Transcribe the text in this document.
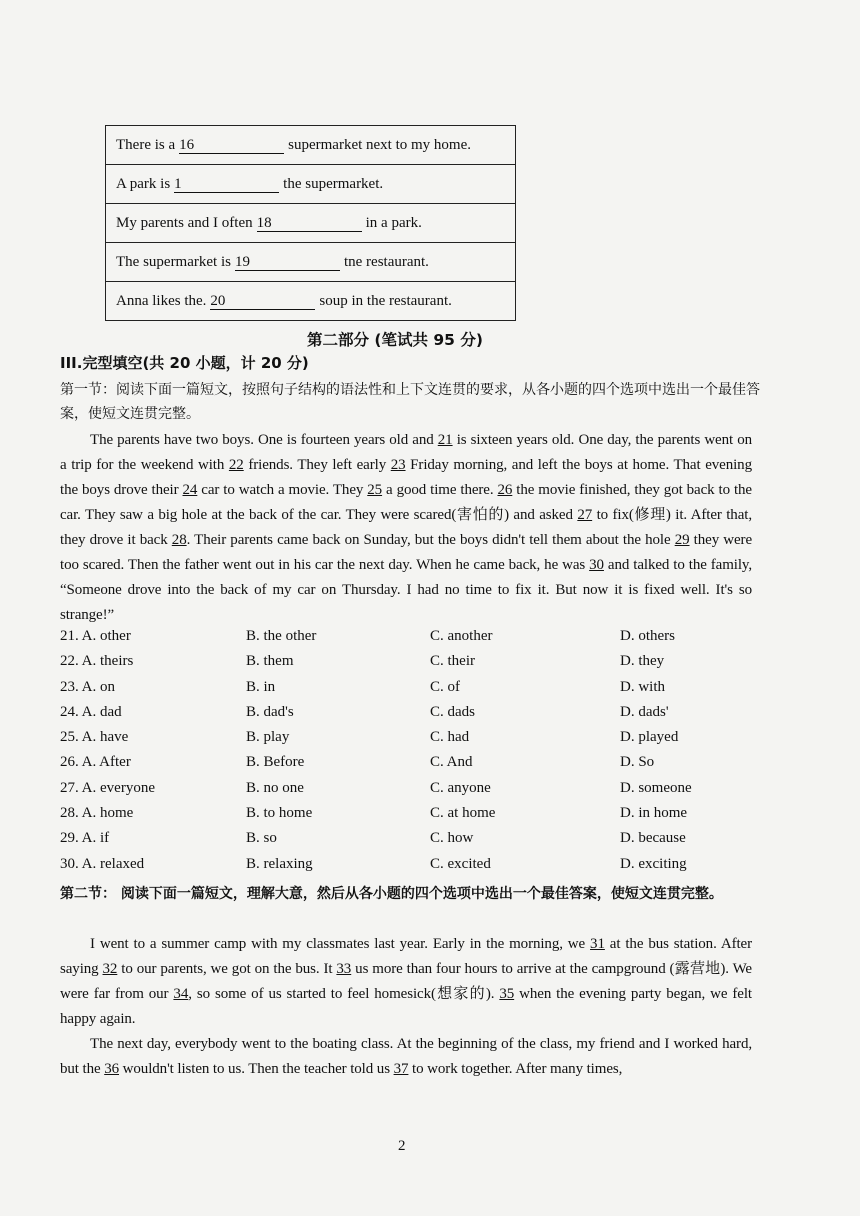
There is a 16	supermarket next to my home.
A park is 1	the supermarket.
My parents and I often 18	in a park.
The supermarket is 19	tne restaurant.
Anna likes the. 20	soup in the restaurant.
第二部分 (笔试共 95 分)
III.完型填空(共 20 小题，计 20 分)
第一节：阅读下面一篇短文，按照句子结构的语法性和上下文连贯的要求，从各小题的四个选项中选出一个最佳答案，使短文连贯完整。

The parents have two boys. One is fourteen years old and 21 is sixteen years old. One day, the parents went on a trip for the weekend with 22 friends. They left early 23 Friday morning, and left the boys at home. That evening the boys drove their 24 car to watch a movie. They 25 a good time there. 26 the movie finished, they got back to the car. They saw a big hole at the back of the car. They were scared(害怕的) and asked 27 to fix(修理) it. After that, they drove it back 28. Their parents came back on Sunday, but the boys didn't tell them about the hole 29 they were too scared. Then the father went out in his car the next day. When he came back, he was 30 and talked to the family, “Someone drove into the back of my car on Thursday. I had no time to fix it. But now it is fixed well. It's so strange!”

21. A. other	B. the other	C. another	D. others
22. A. theirs	B. them	C. their	D. they
23. A. on	B. in	C. of	D. with
24. A. dad	B. dad's	C. dads	D. dads'
25. A. have	B. play	C. had	D. played
26. A. After	B. Before	C. And	D. So
27. A. everyone	B. no one	C. anyone	D. someone
28. A. home	B. to home	C. at home	D. in home
29. A. if	B. so	C. how	D. because
30. A. relaxed	B. relaxing	C. excited	D. exciting
第二节： 阅读下面一篇短文，理解大意，然后从各小题的四个选项中选出一个最佳答案，使短文连贯完整。

I went to a summer camp with my classmates last year. Early in the morning, we 31 at the bus station. After saying 32 to our parents, we got on the bus. It 33 us more than four hours to arrive at the campground (露营地). We were far from our 34, so some of us started to feel homesick(想家的). 35 when the evening party began, we felt happy again.

The next day, everybody went to the boating class. At the beginning of the class, my friend and I worked hard, but the 36 wouldn't listen to us. Then the teacher told us 37 to work together. After many times,

2
